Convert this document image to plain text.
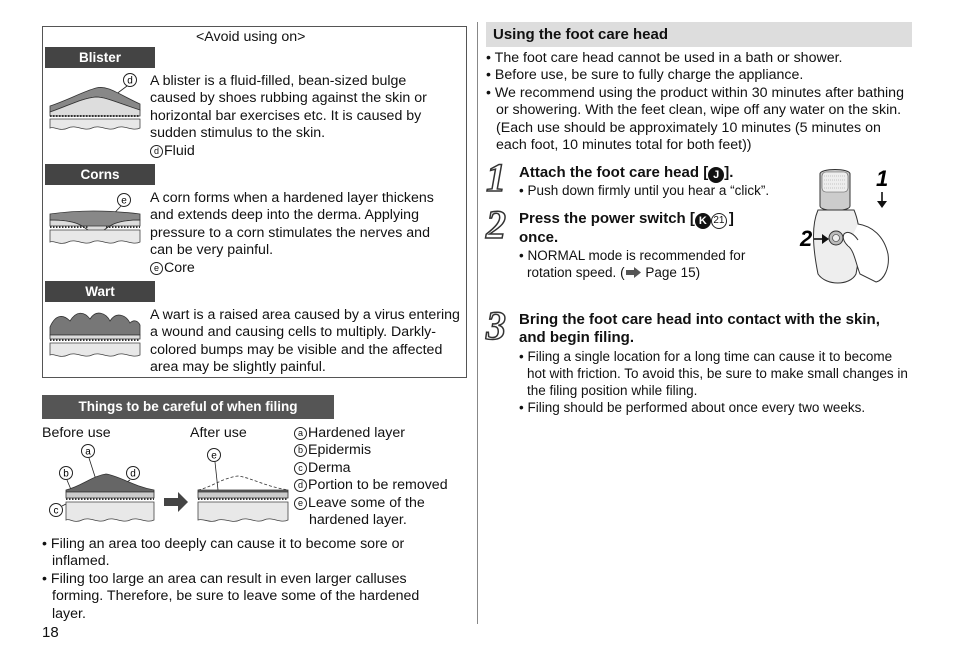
<Avoid using on>
Blister
d A blister is a fluid-filled, bean-sized bulge caused by shoes rubbing against the skin or horizontal bar exercises etc. It is caused by sudden stimulus to the skin.
d Fluid
Corns
e A corn forms when a hardened layer thickens and extends deep into the derma. Applying pressure to a corn stimulates the nerves and can be very painful.
e Core
Wart
A wart is a raised area caused by a virus entering a wound and causing cells to multiply. Darkly-colored bumps may be visible and the affected area may be slightly painful.
Things to be careful of when filing
Before use	After use
a
b	d
c
e
a Hardened layer
b Epidermis
c Derma
d Portion to be removed
e Leave some of the hardened layer.
• Filing an area too deeply can cause it to become sore or inflamed.
• Filing too large an area can result in even larger calluses forming. Therefore, be sure to leave some of the hardened layer.
18
Using the foot care head
• The foot care head cannot be used in a bath or shower.
• Before use, be sure to fully charge the appliance.
• We recommend using the product within 30 minutes after bathing or showering. With the feet clean, wipe off any water on the skin. (Each use should be approximately 10 minutes (5 minutes on each foot, 10 minutes total for both feet))
1 Attach the foot care head [ J ].
• Push down firmly until you hear a “click”.
2 Press the power switch [ K 21 ] once.
• NORMAL mode is recommended for rotation speed. ( Page 15)
1
2
3 Bring the foot care head into contact with the skin, and begin filing.
• Filing a single location for a long time can cause it to become hot with friction. To avoid this, be sure to make small changes in the filing position while filing.
• Filing should be performed about once every two weeks.
